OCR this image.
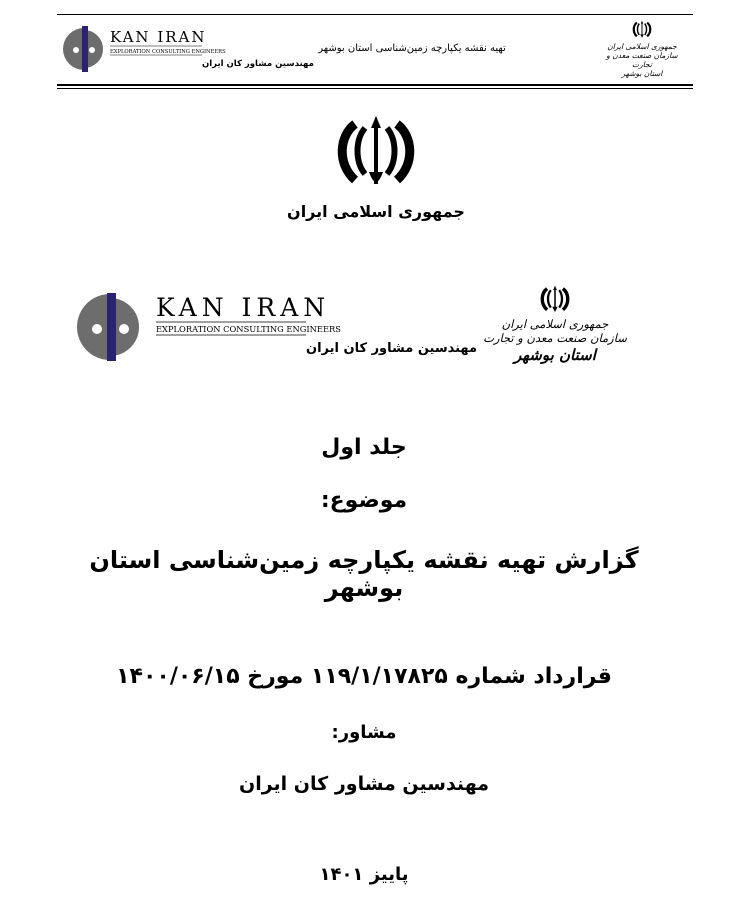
KAN IRAN
EXPLORATION CONSULTING ENGINEERS
مهندسین مشاور کان ایران
تهیه نقشه یکپارچه زمین‌شناسی استان بوشهر	جمهوری اسلامی ایران
سازمان صنعت معدن و تجارت
استان بوشهر
جمهوری اسلامی ایران
KAN IRAN
EXPLORATION CONSULTING ENGINEERS
مهندسین مشاور کان ایران
جمهوری اسلامی ایران
سازمان صنعت معدن و تجارت
استان بوشهر
جلد اول
موضوع:
گزارش تهیه نقشه یکپارچه زمین‌شناسی استان بوشهر
قرارداد شماره ۱۱۹/۱/۱۷۸۲۵ مورخ ۱۴۰۰/۰۶/۱۵
مشاور:
مهندسین مشاور کان ایران
پاییز ۱۴۰۱
